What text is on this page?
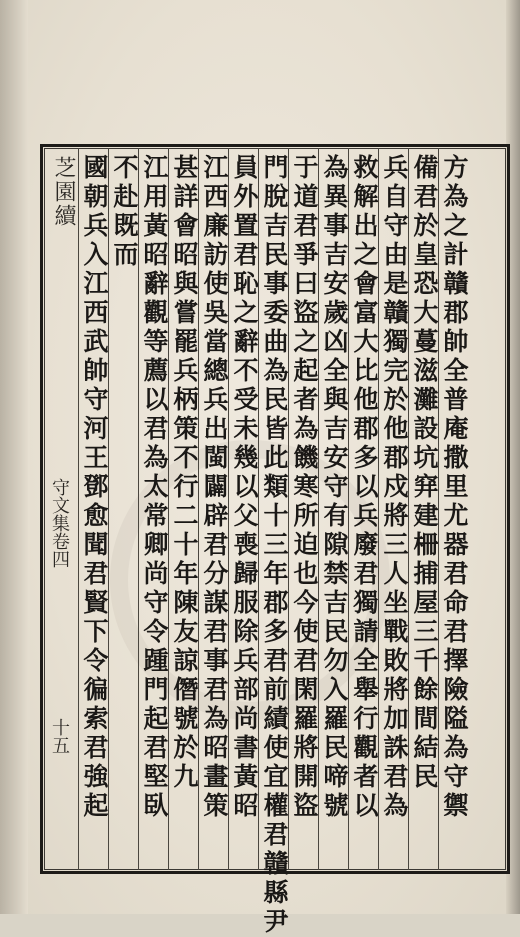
芝園續
守文集卷四
十五 國朝兵入江西武帥守河王鄧愈聞君賢下令徧索君強起 不赴既而 江用黃昭辭觀等薦以君為太常卿尚守令踵門起君堅臥 甚詳會昭與嘗罷兵柄策不行二十年陳友諒僭號於九 江西廉訪使吳當總兵出閩闢辟君分謀君事君為昭畫策 員外置君恥之辭不受未幾以父喪歸服除兵部尚書黃昭 門脫吉民事委曲為民皆此類十三年郡多君前績使宜權君贛縣尹 于道君爭曰盜之起者為饑寒所迫也今使君閑羅將開盜 為異事吉安歲凶全與吉安守有隙禁吉民勿入羅民啼號 救解出之會富大比他郡多以兵廢君獨請全舉行觀者以 兵自守由是贛獨完於他郡戍將三人坐戰敗將加誅君為 備君於皇恐大蔓滋灘設坑穽建柵捕屋三千餘間結民 方為之計贛郡帥全普庵撒里尤器君命君擇險隘為守禦
